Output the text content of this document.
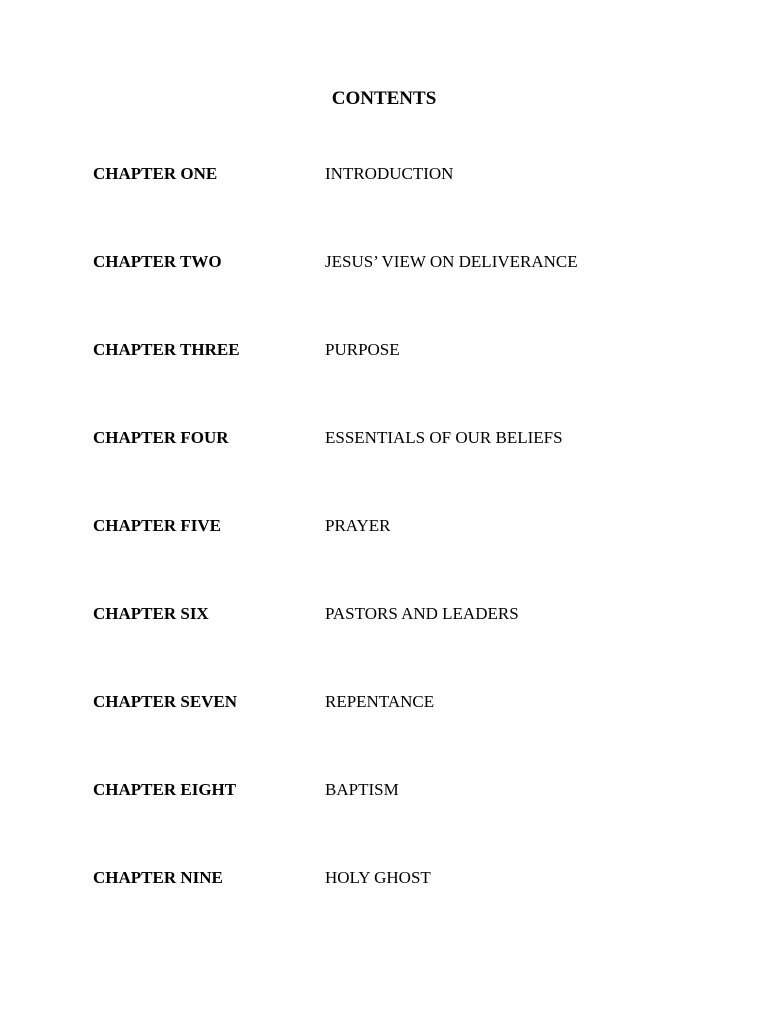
CONTENTS
CHAPTER ONE	INTRODUCTION
CHAPTER TWO	JESUS’ VIEW ON DELIVERANCE
CHAPTER THREE	PURPOSE
CHAPTER FOUR	ESSENTIALS OF OUR BELIEFS
CHAPTER FIVE	PRAYER
CHAPTER SIX	PASTORS AND LEADERS
CHAPTER SEVEN	REPENTANCE
CHAPTER EIGHT	BAPTISM
CHAPTER NINE	HOLY GHOST
